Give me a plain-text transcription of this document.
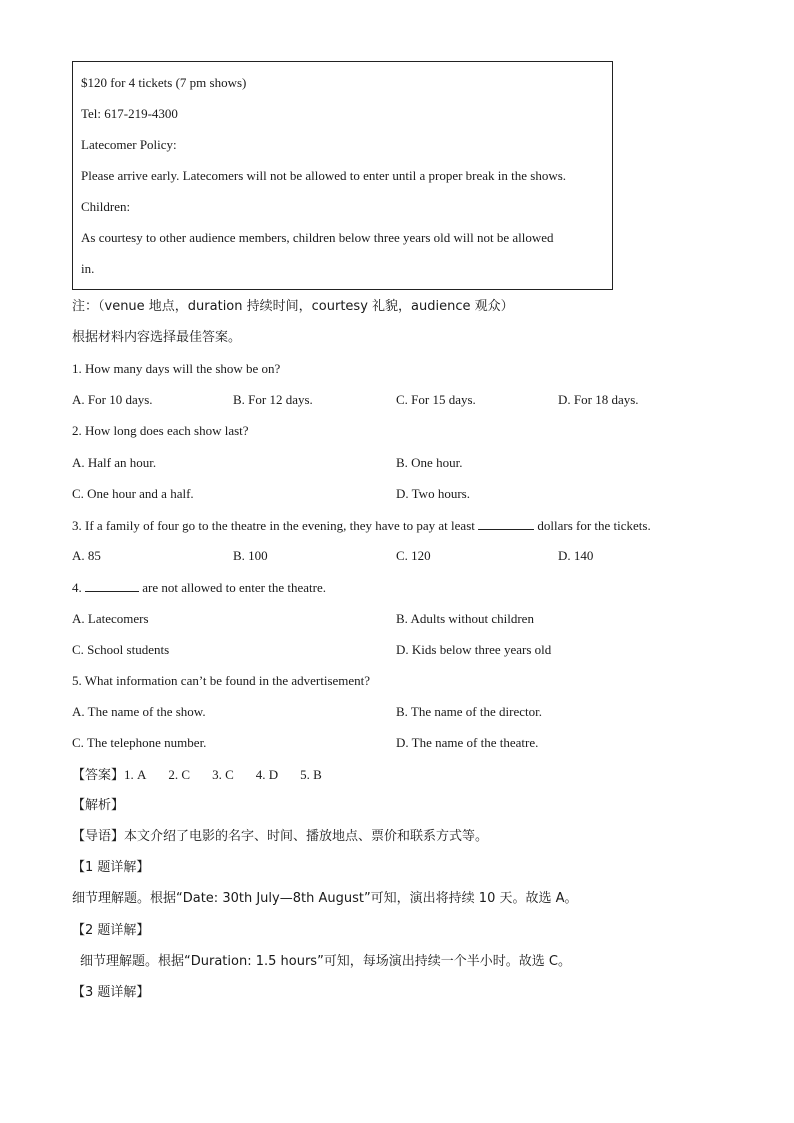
$120 for 4 tickets (7 pm shows)
Tel: 617-219-4300
Latecomer Policy:
Please arrive early. Latecomers will not be allowed to enter until a proper break in the shows.
Children:
As courtesy to other audience members, children below three years old will not be allowed
in.
注：（venue 地点，duration 持续时间，courtesy 礼貌，audience 观众）
根据材料内容选择最佳答案。
1. How many days will the show be on?
A. For 10 days.	B. For 12 days.	C. For 15 days.	D. For 18 days.
2. How long does each show last?
A. Half an hour.	B. One hour.
C. One hour and a half.	D. Two hours.
3. If a family of four go to the theatre in the evening, they have to pay at least	dollars for the tickets.
A. 85	B. 100	C. 120	D. 140
4.	are not allowed to enter the theatre.
A. Latecomers	B. Adults without children
C. School students	D. Kids below three years old
5. What information can’t be found in the advertisement?
A. The name of the show.	B. The name of the director.
C. The telephone number.	D. The name of the theatre.
【答案】1. A 2. C 3. C 4. D 5. B
【解析】
【导语】本文介绍了电影的名字、时间、播放地点、票价和联系方式等。
【1 题详解】
细节理解题。根据“Date: 30th July—8th August”可知，演出将持续 10 天。故选 A。
【2 题详解】
细节理解题。根据“Duration: 1.5 hours”可知，每场演出持续一个半小时。故选 C。
【3 题详解】
